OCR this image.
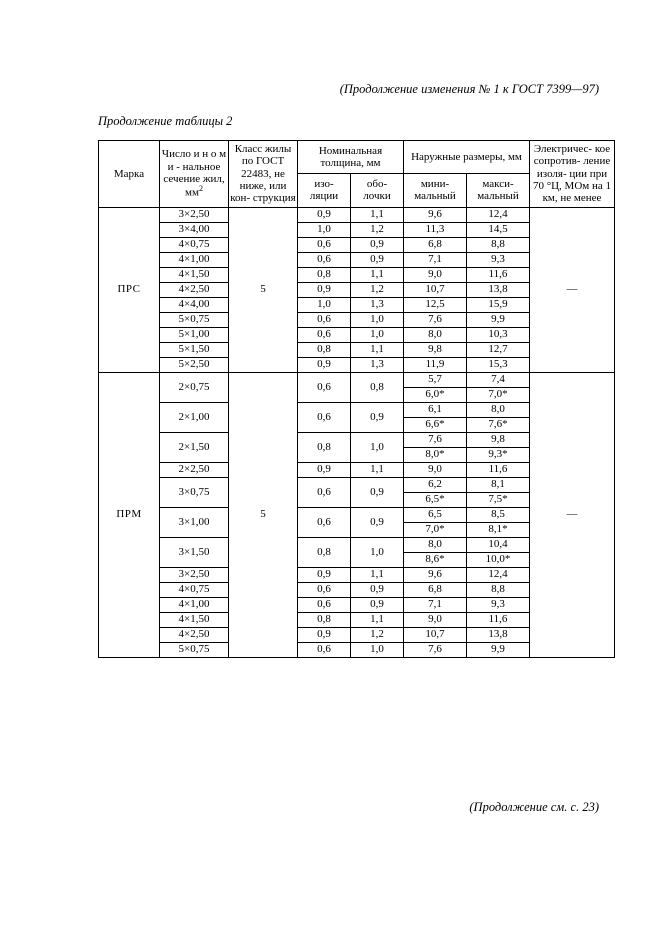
(Продолжение изменения № 1 к ГОСТ 7399—97)
Продолжение таблицы 2
Марка	Число и н о м и - нальное сечение жил, $мм^2$	Класс жилы по ГОСТ 22483, не ниже, или кон- струкция	Номинальная толщина, мм		Наружные размеры, мм		Электричес- кое сопротив- ление изоля- ции при 70 °Ц, МОм на 1 км, не менее
			изо- ляции	обо- лочки	мини- мальный	макси- мальный	
ПРС	3×2,50	5	0,9	1,1	9,6	12,4	—
	3×4,00		1,0	1,2	11,3	14,5	
	4×0,75		0,6	0,9	6,8	8,8	
	4×1,00		0,6	0,9	7,1	9,3	
	4×1,50		0,8	1,1	9,0	11,6	
	4×2,50		0,9	1,2	10,7	13,8	
	4×4,00		1,0	1,3	12,5	15,9	
	5×0,75		0,6	1,0	7,6	9,9	
	5×1,00		0,6	1,0	8,0	10,3	
	5×1,50		0,8	1,1	9,8	12,7	
	5×2,50		0,9	1,3	11,9	15,3	
ПРМ	2×0,75	5	0,6	0,8	5,7	7,4	—
					6,0*	7,0*	
	2×1,00		0,6	0,9	6,1	8,0	
					6,6*	7,6*	
	2×1,50		0,8	1,0	7,6	9,8	
					8,0*	9,3*	
	2×2,50		0,9	1,1	9,0	11,6	
	3×0,75		0,6	0,9	6,2	8,1	
					6,5*	7,5*	
	3×1,00		0,6	0,9	6,5	8,5	
					7,0*	8,1*	
	3×1,50		0,8	1,0	8,0	10,4	
					8,6*	10,0*	
	3×2,50		0,9	1,1	9,6	12,4	
	4×0,75		0,6	0,9	6,8	8,8	
	4×1,00		0,6	0,9	7,1	9,3	
	4×1,50		0,8	1,1	9,0	11,6	
	4×2,50		0,9	1,2	10,7	13,8	
	5×0,75		0,6	1,0	7,6	9,9	
(Продолжение см. с. 23)
